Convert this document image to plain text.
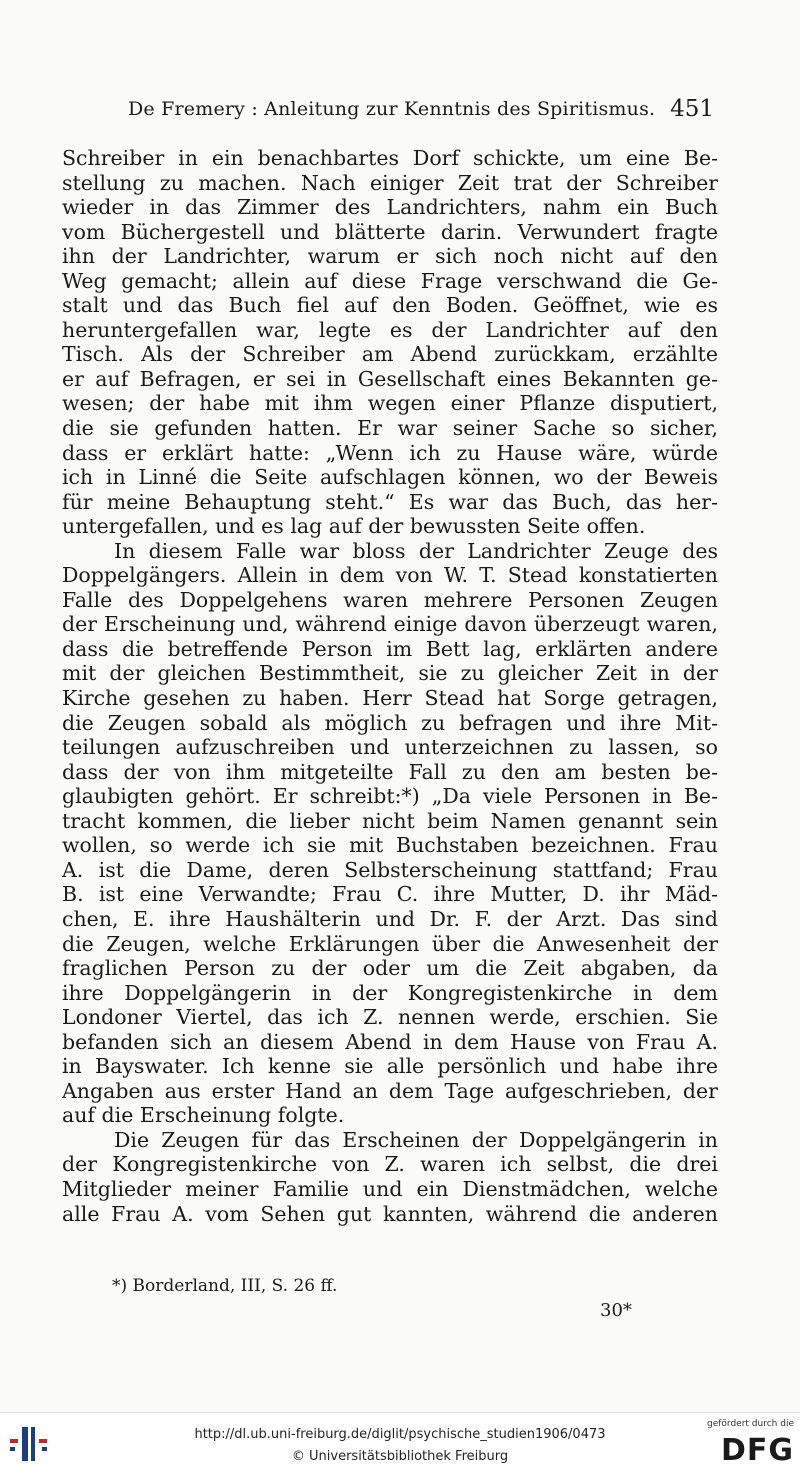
De Fremery : Anleitung zur Kenntnis des Spiritismus. 451
Schreiber in ein benachbartes Dorf schickte, um eine Be-
stellung zu machen. Nach einiger Zeit trat der Schreiber
wieder in das Zimmer des Landrichters, nahm ein Buch
vom Büchergestell und blätterte darin. Verwundert fragte
ihn der Landrichter, warum er sich noch nicht auf den
Weg gemacht; allein auf diese Frage verschwand die Ge-
stalt und das Buch fiel auf den Boden. Geöffnet, wie es
heruntergefallen war, legte es der Landrichter auf den
Tisch. Als der Schreiber am Abend zurückkam, erzählte
er auf Befragen, er sei in Gesellschaft eines Bekannten ge-
wesen; der habe mit ihm wegen einer Pflanze disputiert,
die sie gefunden hatten. Er war seiner Sache so sicher,
dass er erklärt hatte: „Wenn ich zu Hause wäre, würde
ich in Linné die Seite aufschlagen können, wo der Beweis
für meine Behauptung steht.“ Es war das Buch, das her-
untergefallen, und es lag auf der bewussten Seite offen.
In diesem Falle war bloss der Landrichter Zeuge des
Doppelgängers. Allein in dem von W. T. Stead konstatierten
Falle des Doppelgehens waren mehrere Personen Zeugen
der Erscheinung und, während einige davon überzeugt waren,
dass die betreffende Person im Bett lag, erklärten andere
mit der gleichen Bestimmtheit, sie zu gleicher Zeit in der
Kirche gesehen zu haben. Herr Stead hat Sorge getragen,
die Zeugen sobald als möglich zu befragen und ihre Mit-
teilungen aufzuschreiben und unterzeichnen zu lassen, so
dass der von ihm mitgeteilte Fall zu den am besten be-
glaubigten gehört. Er schreibt:*) „Da viele Personen in Be-
tracht kommen, die lieber nicht beim Namen genannt sein
wollen, so werde ich sie mit Buchstaben bezeichnen. Frau
A. ist die Dame, deren Selbsterscheinung stattfand; Frau
B. ist eine Verwandte; Frau C. ihre Mutter, D. ihr Mäd-
chen, E. ihre Haushälterin und Dr. F. der Arzt. Das sind
die Zeugen, welche Erklärungen über die Anwesenheit der
fraglichen Person zu der oder um die Zeit abgaben, da
ihre Doppelgängerin in der Kongregistenkirche in dem
Londoner Viertel, das ich Z. nennen werde, erschien. Sie
befanden sich an diesem Abend in dem Hause von Frau A.
in Bayswater. Ich kenne sie alle persönlich und habe ihre
Angaben aus erster Hand an dem Tage aufgeschrieben, der
auf die Erscheinung folgte.
Die Zeugen für das Erscheinen der Doppelgängerin in
der Kongregistenkirche von Z. waren ich selbst, die drei
Mitglieder meiner Familie und ein Dienstmädchen, welche
alle Frau A. vom Sehen gut kannten, während die anderen
*) Borderland, III, S. 26 ff.
30*
http://dl.ub.uni-freiburg.de/diglit/psychische_studien1906/0473
© Universitätsbibliothek Freiburg
gefördert durch die
DFG
